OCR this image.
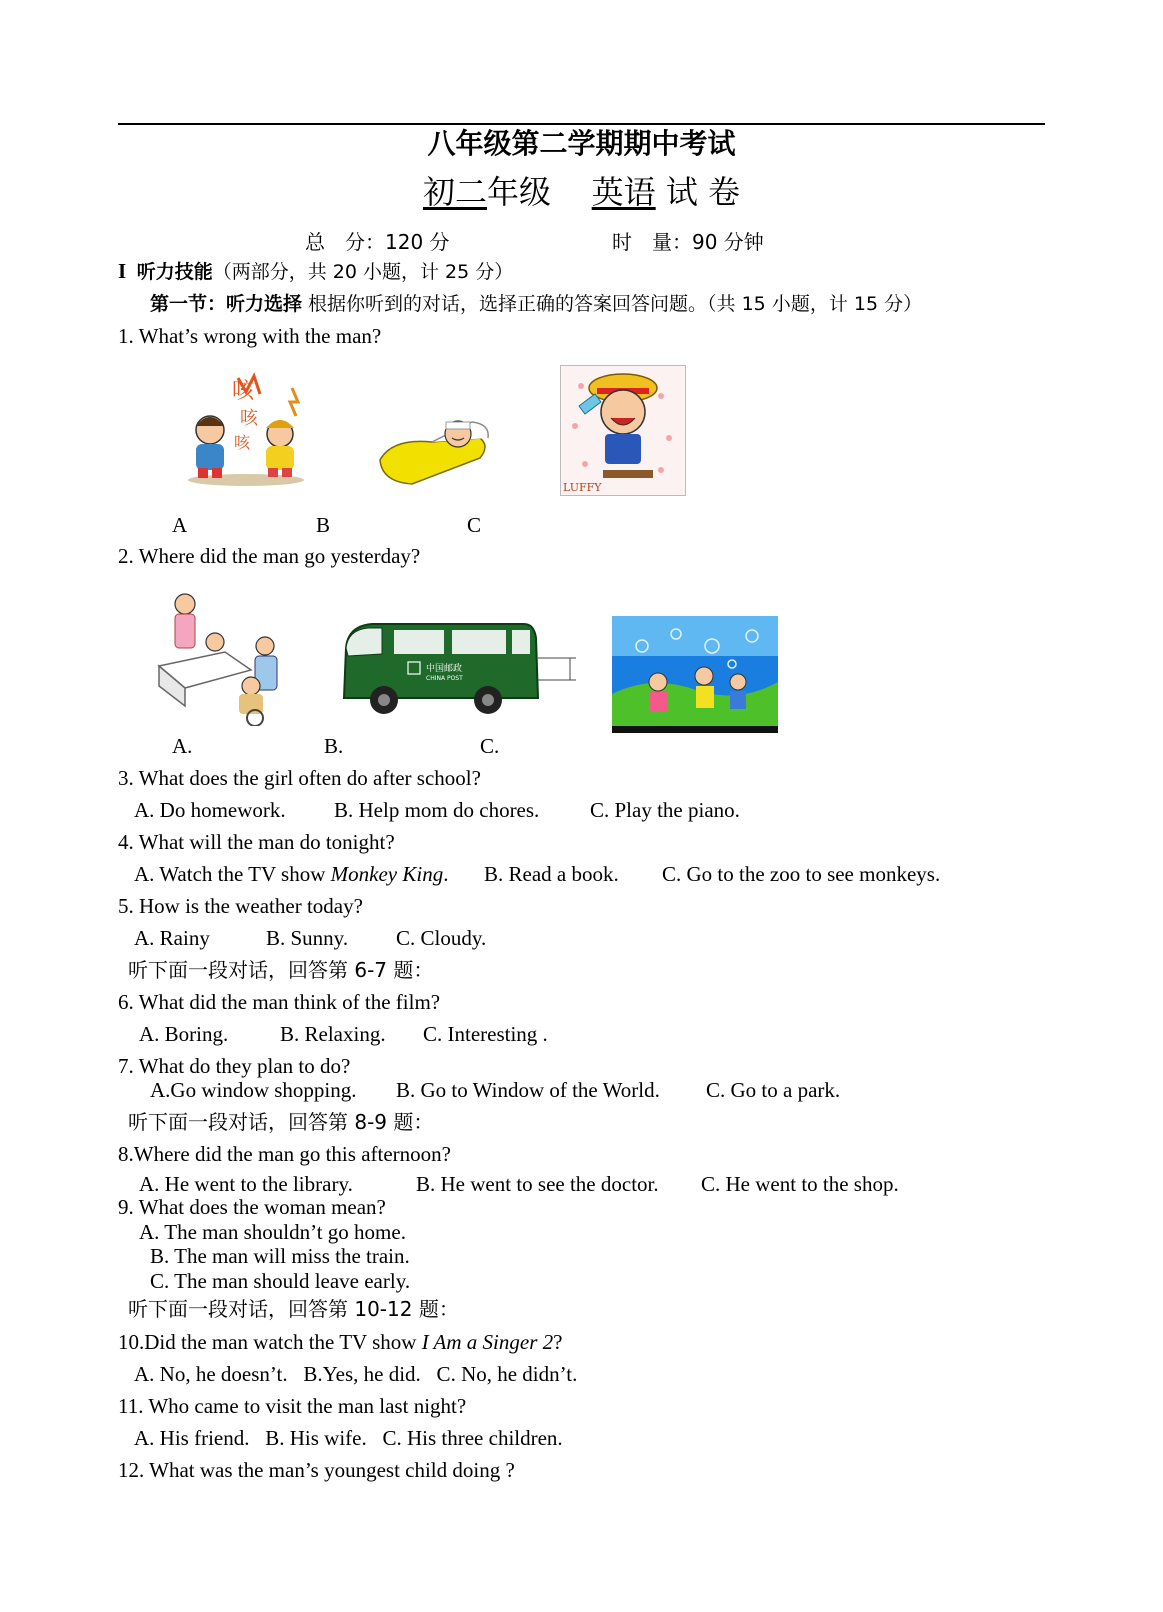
八年级第二学期期中考试
初二年级 英语 试 卷
总　分：120 分	时　量：90 分钟
I 听力技能（两部分，共 20 小题，计 25 分）
第一节：听力选择 根据你听到的对话，选择正确的答案回答问题。（共 15 小题，计 15 分）
1. What’s wrong with the man?
咳
咳
咳
LUFFY
A	B	C
2. Where did the man go yesterday?
中国邮政
CHINA POST
A.	B.	C.
3. What does the girl often do after school?
A. Do homework. B. Help mom do chores. C. Play the piano.
4. What will the man do tonight?
A. Watch the TV show Monkey King. B. Read a book. C. Go to the zoo to see monkeys.
5. How is the weather today?
A. Rainy	B. Sunny. C. Cloudy.
听下面一段对话，回答第 6-7 题：
6. What did the man think of the film?
A. Boring. B. Relaxing. C. Interesting .
7. What do they plan to do?
A.Go window shopping. B. Go to Window of the World. C. Go to a park.
听下面一段对话，回答第 8-9 题：
8.Where did the man go this afternoon?
A. He went to the library.	B. He went to see the doctor. C. He went to the shop.
9. What does the woman mean?
A. The man shouldn’t go home.
B. The man will miss the train.
C. The man should leave early.
听下面一段对话，回答第 10-12 题：
10.Did the man watch the TV show I Am a Singer 2?
A. No, he doesn’t.   B.Yes, he did.   C. No, he didn’t.
11. Who came to visit the man last night?
A. His friend.   B. His wife.   C. His three children.
12. What was the man’s youngest child doing ?
